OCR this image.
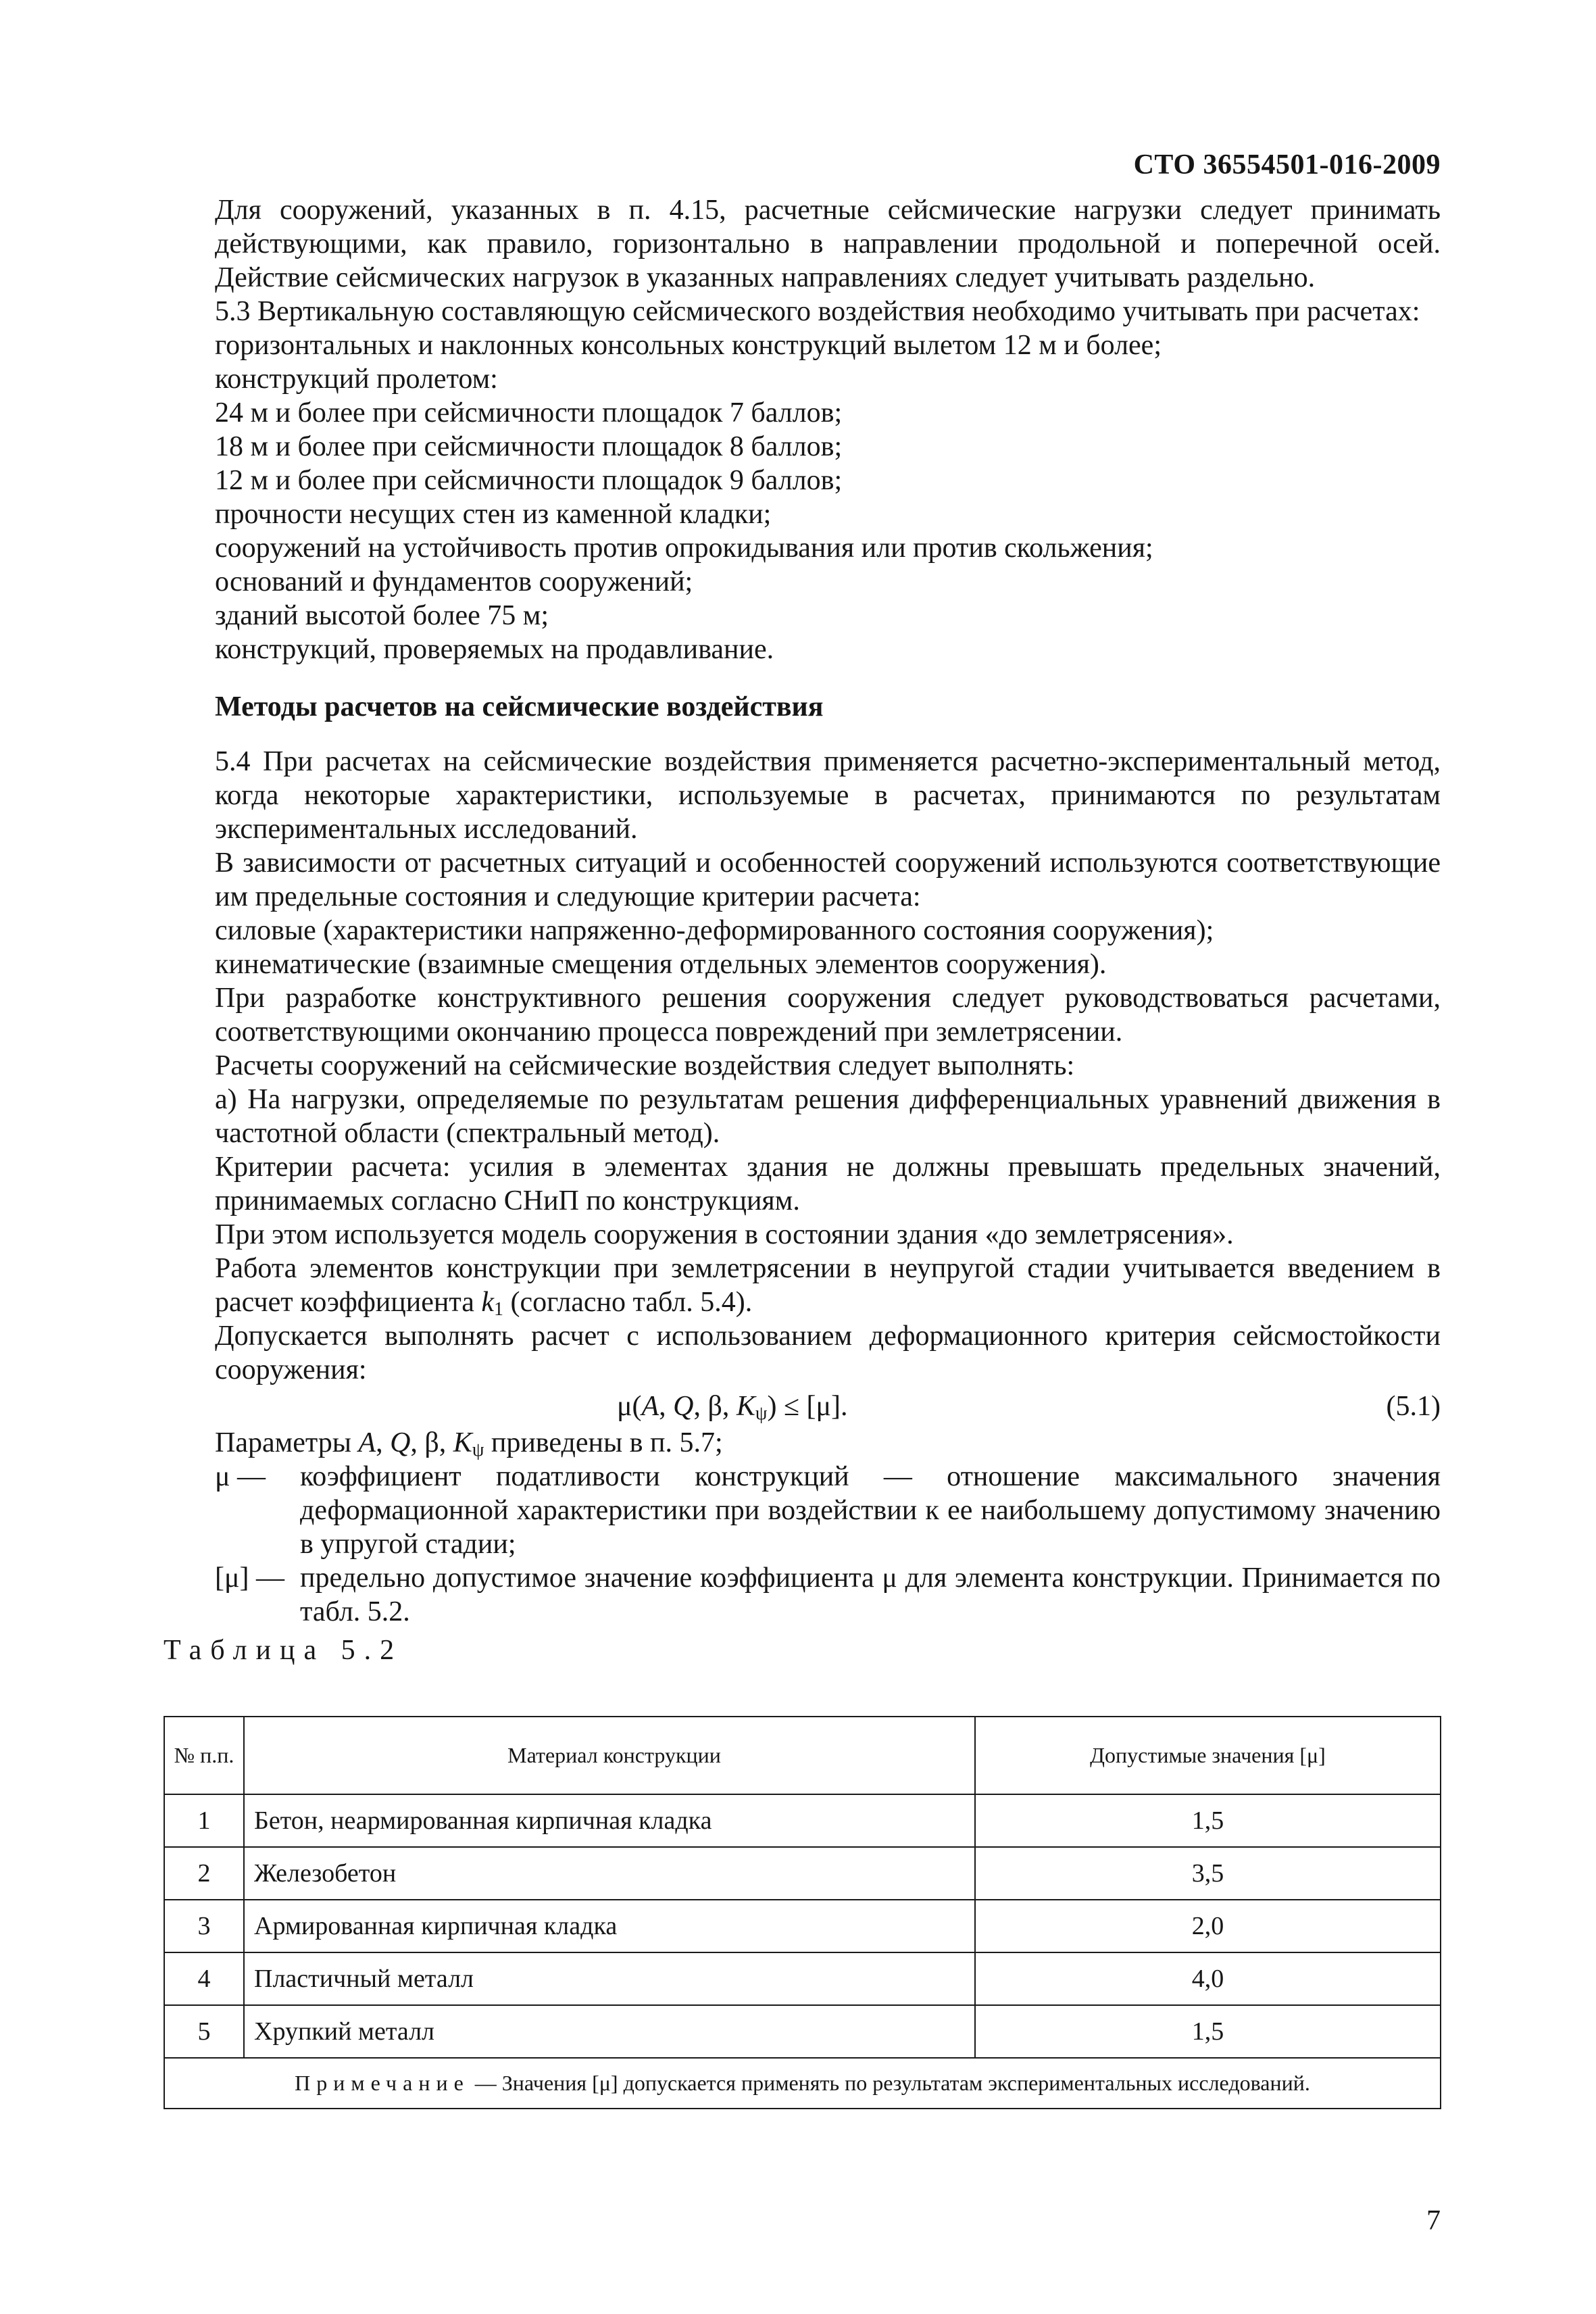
СТО 36554501-016-2009

Для сооружений, указанных в п. 4.15, расчетные сейсмические нагрузки следует принимать действующими, как правило, горизонтально в направлении продольной и поперечной осей. Действие сейсмических нагрузок в указанных направлениях следует учитывать раздельно.

5.3 Вертикальную составляющую сейсмического воздействия необходимо учитывать при расчетах:

горизонтальных и наклонных консольных конструкций вылетом 12 м и более;

конструкций пролетом:

24 м и более при сейсмичности площадок 7 баллов;

18 м и более при сейсмичности площадок 8 баллов;

12 м и более при сейсмичности площадок 9 баллов;

прочности несущих стен из каменной кладки;

сооружений на устойчивость против опрокидывания или против скольжения;

оснований и фундаментов сооружений;

зданий высотой более 75 м;

конструкций, проверяемых на продавливание.

Методы расчетов на сейсмические воздействия

5.4 При расчетах на сейсмические воздействия применяется расчетно-экспериментальный метод, когда некоторые характеристики, используемые в расчетах, принимаются по результатам экспериментальных исследований.

В зависимости от расчетных ситуаций и особенностей сооружений используются соответствующие им предельные состояния и следующие критерии расчета:

силовые (характеристики напряженно-деформированного состояния сооружения);

кинематические (взаимные смещения отдельных элементов сооружения).

При разработке конструктивного решения сооружения следует руководствоваться расчетами, соответствующими окончанию процесса повреждений при землетрясении.

Расчеты сооружений на сейсмические воздействия следует выполнять:

а) На нагрузки, определяемые по результатам решения дифференциальных уравнений движения в частотной области (спектральный метод).

Критерии расчета: усилия в элементах здания не должны превышать предельных значений, принимаемых согласно СНиП по конструкциям.

При этом используется модель сооружения в состоянии здания «до землетрясения».

Работа элементов конструкции при землетрясении в неупругой стадии учитывается введением в расчет коэффициента $k_1$ (согласно табл. 5.4).

Допускается выполнять расчет с использованием деформационного критерия сейсмостойкости сооружения:

μ(A, Q, β, $K_\psi) \le [\mu]$.	(5.1)

Параметры A, Q, β, $K_\psi$ приведены в п. 5.7;

μ —	коэффициент податливости конструкций — отношение максимального значения деформационной характеристики при воздействии к ее наибольшему допустимому значению в упругой стадии;
[μ] — предельно допустимое значение коэффициента μ для элемента конструкции. Принимается по табл. 5.2.
Таблица 5.2
№ п.п.	Материал конструкции	Допустимые значения [μ]
1	Бетон, неармированная кирпичная кладка	1,5
2	Железобетон	3,5
3	Армированная кирпичная кладка	2,0
4	Пластичный металл	4,0
5	Хрупкий металл	1,5
Примечание — Значения [μ] допускается применять по результатам экспериментальных исследований.		
7
